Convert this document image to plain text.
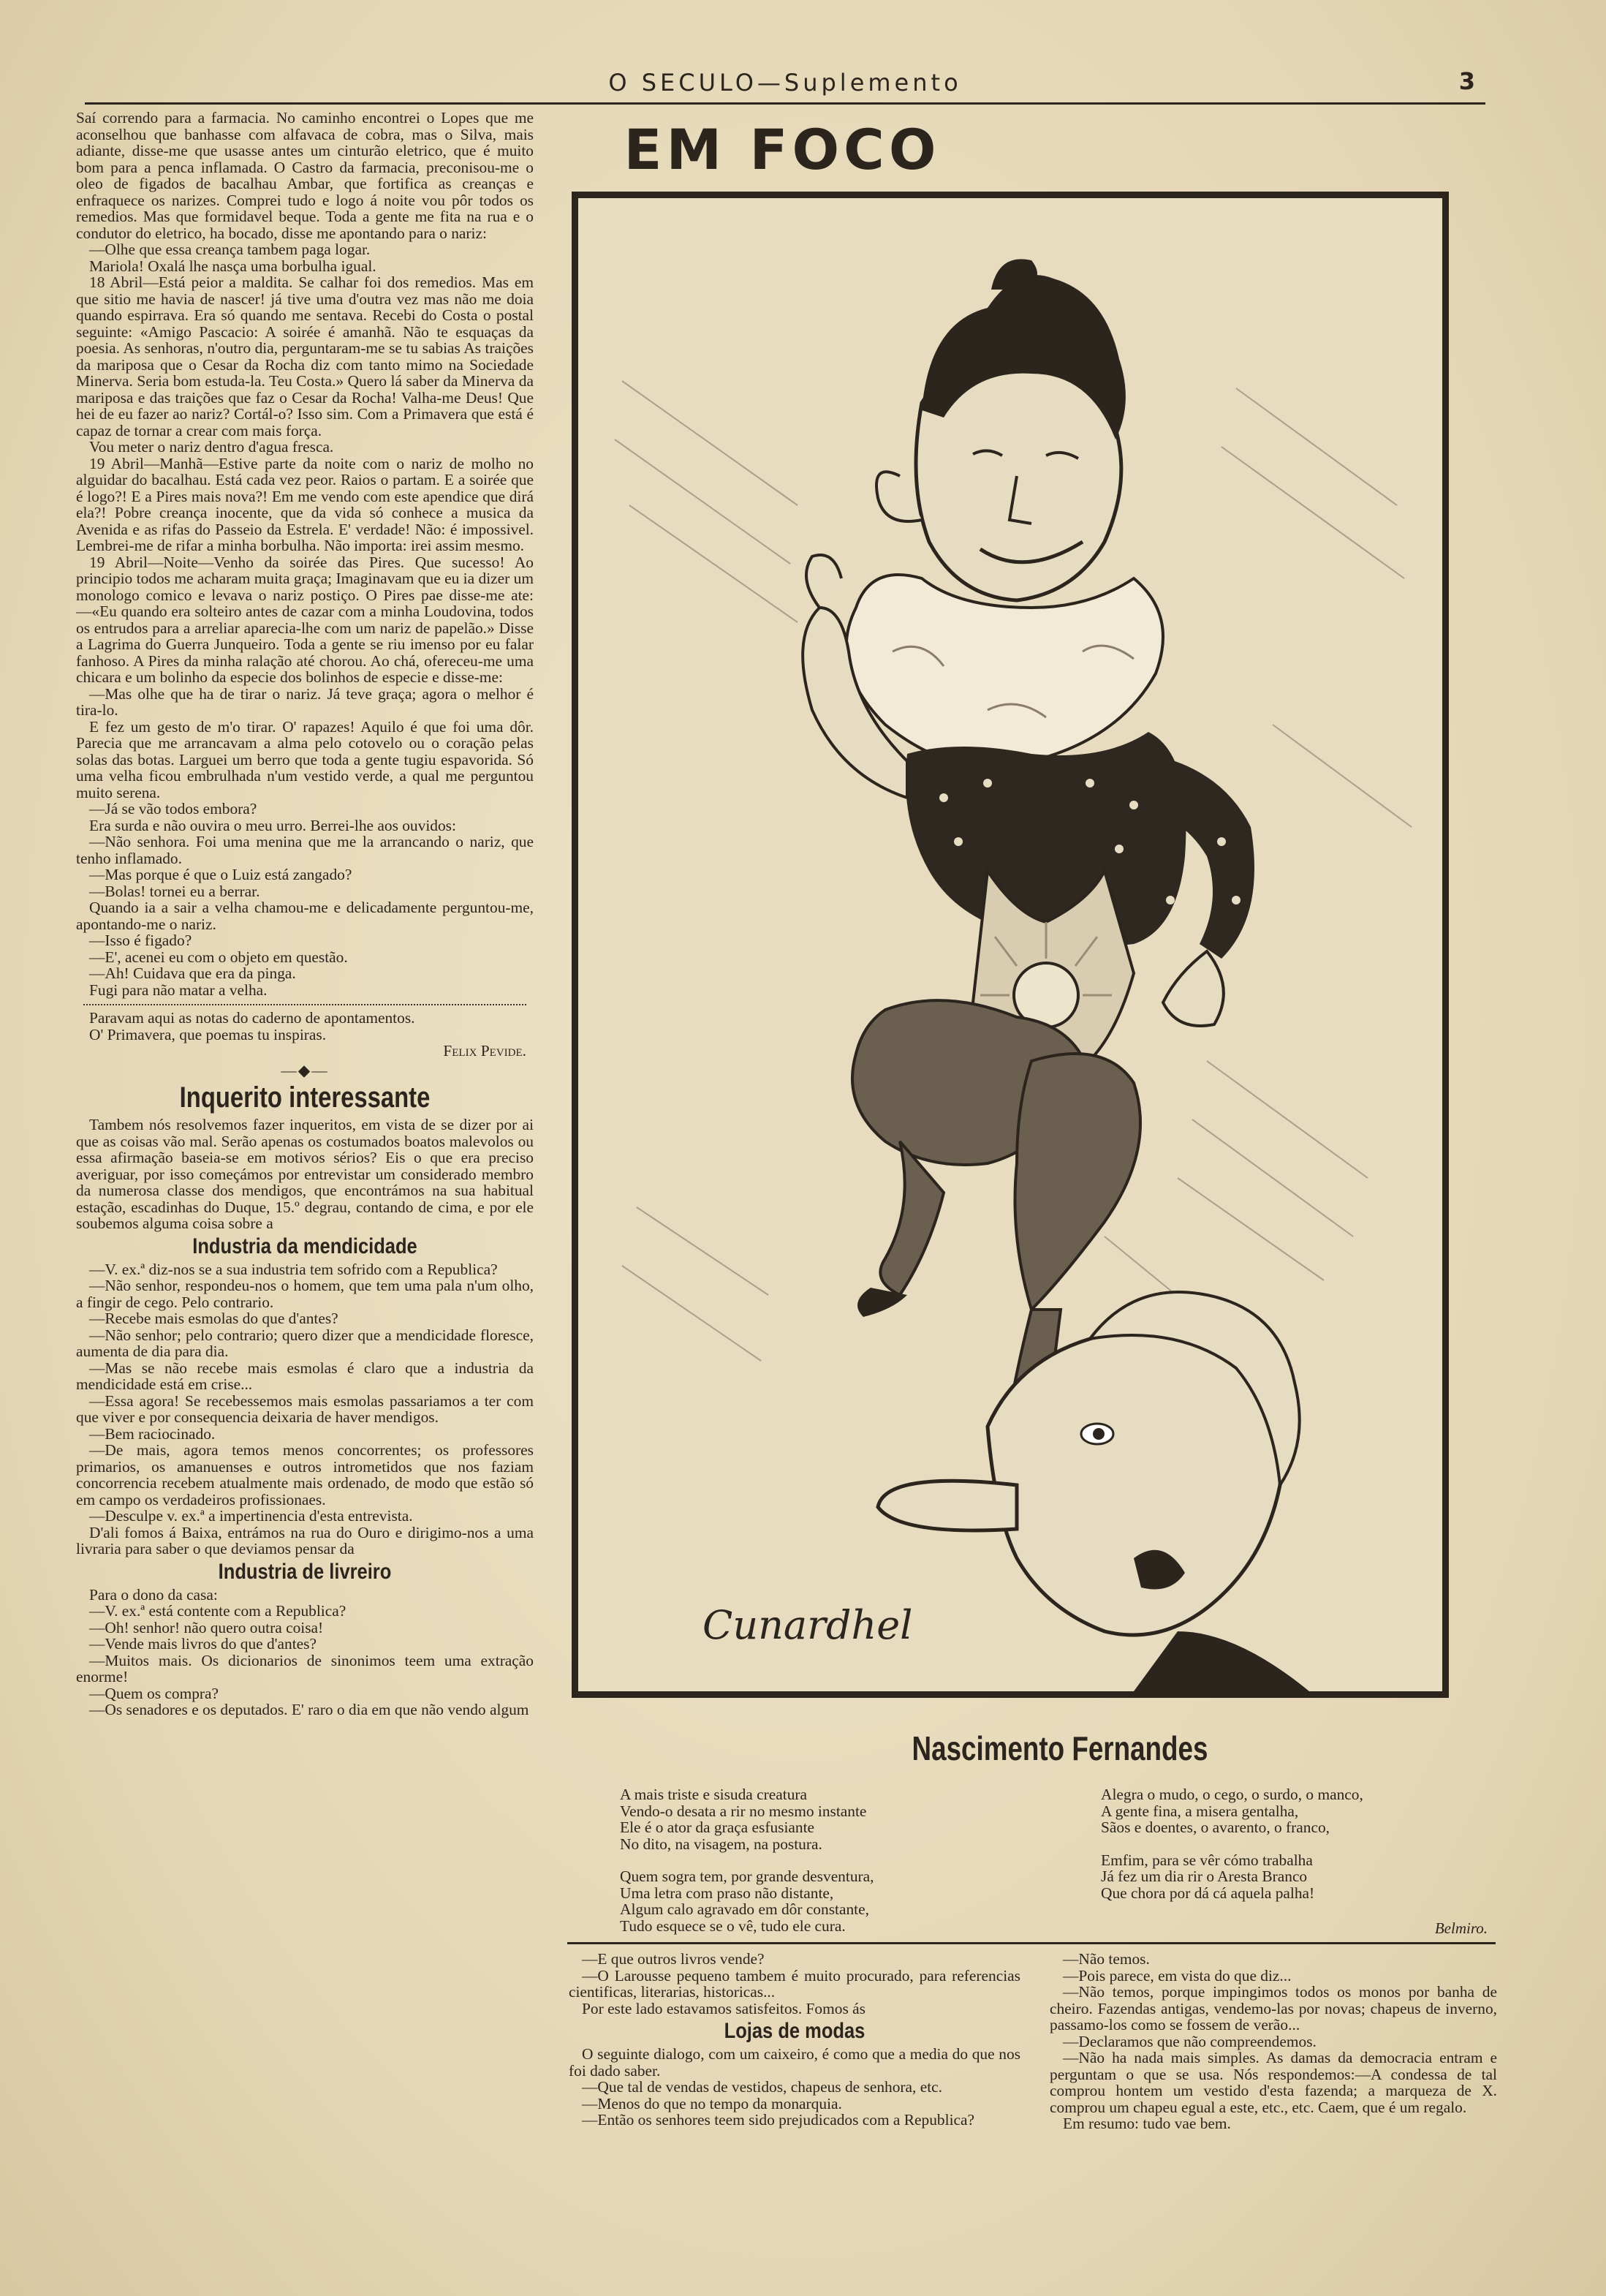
O SECULO—Suplemento	3

Saí correndo para a farmacia. No caminho encontrei o Lopes que me aconselhou que banhasse com alfavaca de cobra, mas o Silva, mais adiante, disse-me que usasse antes um cinturão eletrico, que é muito bom para a penca inflamada. O Castro da farmacia, preconisou-me o oleo de figados de bacalhau Ambar, que fortifica as creanças e enfraquece os narizes. Comprei tudo e logo á noite vou pôr todos os remedios. Mas que formidavel beque. Toda a gente me fita na rua e o condutor do eletrico, ha bocado, disse me apontando para o nariz:

—Olhe que essa creança tambem paga logar.

Mariola! Oxalá lhe nasça uma borbulha igual.

18 Abril—Está peior a maldita. Se calhar foi dos remedios. Mas em que sitio me havia de nascer! já tive uma d'outra vez mas não me doia quando espirrava. Era só quando me sentava. Recebi do Costa o postal seguinte: «Amigo Pascacio: A soirée é amanhã. Não te esquaças da poesia. As senhoras, n'outro dia, perguntaram-me se tu sabias As traições da mariposa que o Cesar da Rocha diz com tanto mimo na Sociedade Minerva. Seria bom estuda-la. Teu Costa.» Quero lá saber da Minerva da mariposa e das traições que faz o Cesar da Rocha! Valha-me Deus! Que hei de eu fazer ao nariz? Cortál-o? Isso sim. Com a Primavera que está é capaz de tornar a crear com mais força.

Vou meter o nariz dentro d'agua fresca.

19 Abril—Manhã—Estive parte da noite com o nariz de molho no alguidar do bacalhau. Está cada vez peor. Raios o partam. E a soirée que é logo?! E a Pires mais nova?! Em me vendo com este apendice que dirá ela?! Pobre creança inocente, que da vida só conhece a musica da Avenida e as rifas do Passeio da Estrela. E' verdade! Não: é impossivel. Lembrei-me de rifar a minha borbulha. Não importa: irei assim mesmo.

19 Abril—Noite—Venho da soirée das Pires. Que sucesso! Ao principio todos me acharam muita graça; Imaginavam que eu ia dizer um monologo comico e levava o nariz postiço. O Pires pae disse-me ate:—«Eu quando era solteiro antes de cazar com a minha Loudovina, todos os entrudos para a arreliar aparecia-lhe com um nariz de papelão.» Disse a Lagrima do Guerra Junqueiro. Toda a gente se riu imenso por eu falar fanhoso. A Pires da minha ralação até chorou. Ao chá, ofereceu-me uma chicara e um bolinho da especie dos bolinhos de especie e disse-me:

—Mas olhe que ha de tirar o nariz. Já teve graça; agora o melhor é tira-lo.

E fez um gesto de m'o tirar. O' rapazes! Aquilo é que foi uma dôr. Parecia que me arrancavam a alma pelo cotovelo ou o coração pelas solas das botas. Larguei um berro que toda a gente tugiu espavorida. Só uma velha ficou embrulhada n'um vestido verde, a qual me perguntou muito serena.

—Já se vão todos embora?

Era surda e não ouvira o meu urro. Berrei-lhe aos ouvidos:

—Não senhora. Foi uma menina que me la arrancando o nariz, que tenho inflamado.

—Mas porque é que o Luiz está zangado?

—Bolas! tornei eu a berrar.

Quando ia a sair a velha chamou-me e delicadamente perguntou-me, apontando-me o nariz.

—Isso é figado?

—E', acenei eu com o objeto em questão.

—Ah! Cuidava que era da pinga.

Fugi para não matar a velha.

Paravam aqui as notas do caderno de apontamentos.

O' Primavera, que poemas tu inspiras.

Felix Pevide.
—◆—
Inquerito interessante

Tambem nós resolvemos fazer inqueritos, em vista de se dizer por ai que as coisas vão mal. Serão apenas os costumados boatos malevolos ou essa afirmação baseia-se em motivos sérios? Eis o que era preciso averiguar, por isso começámos por entrevistar um considerado membro da numerosa classe dos mendigos, que encontrámos na sua habitual estação, escadinhas do Duque, 15.º degrau, contando de cima, e por ele soubemos alguma coisa sobre a

Industria da mendicidade

—V. ex.ª diz-nos se a sua industria tem sofrido com a Republica?

—Não senhor, respondeu-nos o homem, que tem uma pala n'um olho, a fingir de cego. Pelo contrario.

—Recebe mais esmolas do que d'antes?

—Não senhor; pelo contrario; quero dizer que a mendicidade floresce, aumenta de dia para dia.

—Mas se não recebe mais esmolas é claro que a industria da mendicidade está em crise...

—Essa agora! Se recebessemos mais esmolas passariamos a ter com que viver e por consequencia deixaria de haver mendigos.

—Bem raciocinado.

—De mais, agora temos menos concorrentes; os professores primarios, os amanuenses e outros intrometidos que nos faziam concorrencia recebem atualmente mais ordenado, de modo que estão só em campo os verdadeiros profissionaes.

—Desculpe v. ex.ª a impertinencia d'esta entrevista.

D'ali fomos á Baixa, entrámos na rua do Ouro e dirigimo-nos a uma livraria para saber o que deviamos pensar da

Industria de livreiro

Para o dono da casa:

—V. ex.ª está contente com a Republica?

—Oh! senhor! não quero outra coisa!

—Vende mais livros do que d'antes?

—Muitos mais. Os dicionarios de sinonimos teem uma extração enorme!

—Quem os compra?

—Os senadores e os deputados. E' raro o dia em que não vendo algum

EM FOCO
Cunardhel
Nascimento Fernandes

A mais triste e sisuda creatura

Vendo-o desata a rir no mesmo instante

Ele é o ator da graça esfusiante

No dito, na visagem, na postura.

Quem sogra tem, por grande desventura,

Uma letra com praso não distante,

Algum calo agravado em dôr constante,

Tudo esquece se o vê, tudo ele cura.

Alegra o mudo, o cego, o surdo, o manco,

A gente fina, a misera gentalha,

Sãos e doentes, o avarento, o franco,

Emfim, para se vêr cómo trabalha

Já fez um dia rir o Aresta Branco

Que chora por dá cá aquela palha!

Belmiro.

—E que outros livros vende?

—O Larousse pequeno tambem é muito procurado, para referencias cientificas, literarias, historicas...

Por este lado estavamos satisfeitos. Fomos ás

Lojas de modas

O seguinte dialogo, com um caixeiro, é como que a media do que nos foi dado saber.

—Que tal de vendas de vestidos, chapeus de senhora, etc.

—Menos do que no tempo da monarquia.

—Então os senhores teem sido prejudicados com a Republica?

—Não temos.

—Pois parece, em vista do que diz...

—Não temos, porque impingimos todos os monos por banha de cheiro. Fazendas antigas, vendemo-las por novas; chapeus de inverno, passamo-los como se fossem de verão...

—Declaramos que não compreendemos.

—Não ha nada mais simples. As damas da democracia entram e perguntam o que se usa. Nós respondemos:—A condessa de tal comprou hontem um vestido d'esta fazenda; a marqueza de X. comprou um chapeu egual a este, etc., etc. Caem, que é um regalo.

Em resumo: tudo vae bem.
